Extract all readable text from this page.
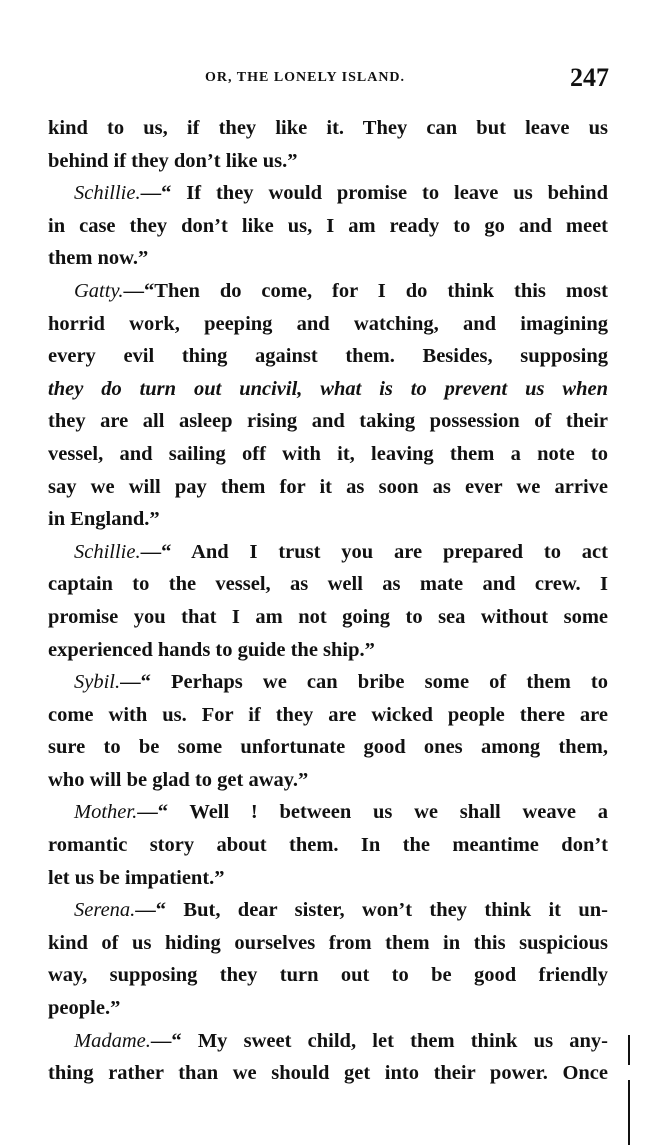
OR, THE LONELY ISLAND.	247
kind to us, if they like it. They can but leave us
behind if they don’t like us.”
Schillie.—“ If they would promise to leave us behind
in case they don’t like us, I am ready to go and meet
them now.”
Gatty.—“Then do come, for I do think this most
horrid work, peeping and watching, and imagining
every evil thing against them. Besides, supposing
they do turn out uncivil, what is to prevent us when
they are all asleep rising and taking possession of their
vessel, and sailing off with it, leaving them a note to
say we will pay them for it as soon as ever we arrive
in England.”
Schillie.—“ And I trust you are prepared to act
captain to the vessel, as well as mate and crew. I
promise you that I am not going to sea without some
experienced hands to guide the ship.”
Sybil.—“ Perhaps we can bribe some of them to
come with us. For if they are wicked people there are
sure to be some unfortunate good ones among them,
who will be glad to get away.”
Mother.—“ Well ! between us we shall weave a
romantic story about them. In the meantime don’t
let us be impatient.”
Serena.—“ But, dear sister, won’t they think it un-
kind of us hiding ourselves from them in this suspicious
way, supposing they turn out to be good friendly
people.”
Madame.—“ My sweet child, let them think us any-
thing rather than we should get into their power. Once
